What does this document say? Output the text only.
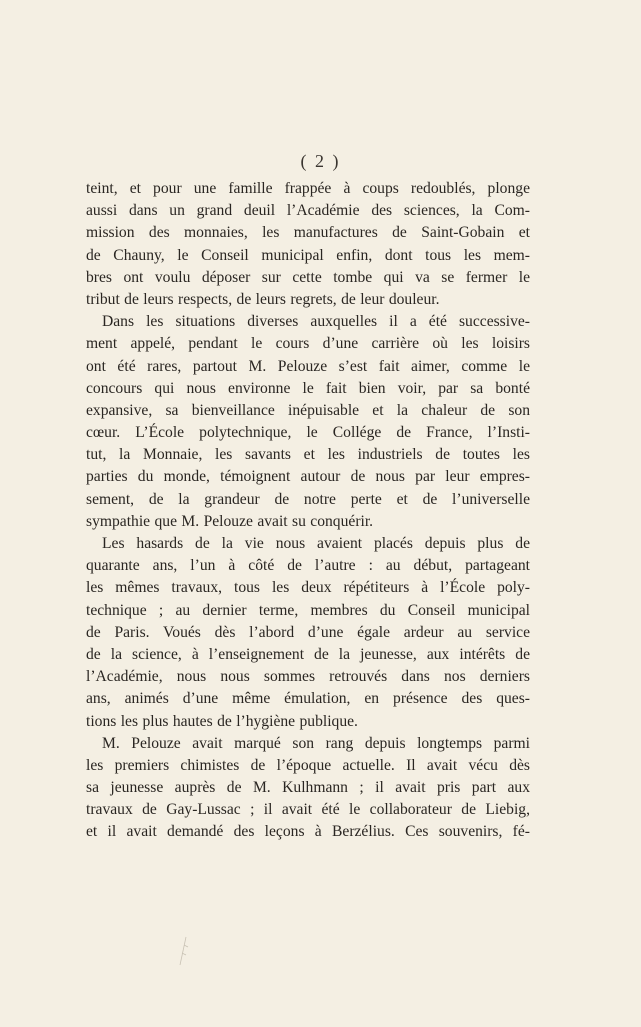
( 2 )
teint, et pour une famille frappée à coups redoublés, plonge
aussi dans un grand deuil l’Académie des sciences, la Com-
mission des monnaies, les manufactures de Saint-Gobain et
de Chauny, le Conseil municipal enfin, dont tous les mem-
bres ont voulu déposer sur cette tombe qui va se fermer le
tribut de leurs respects, de leurs regrets, de leur douleur.
Dans les situations diverses auxquelles il a été successive-
ment appelé, pendant le cours d’une carrière où les loisirs
ont été rares, partout M. Pelouze s’est fait aimer, comme le
concours qui nous environne le fait bien voir, par sa bonté
expansive, sa bienveillance inépuisable et la chaleur de son
cœur. L’École polytechnique, le Collége de France, l’Insti-
tut, la Monnaie, les savants et les industriels de toutes les
parties du monde, témoignent autour de nous par leur empres-
sement, de la grandeur de notre perte et de l’universelle
sympathie que M. Pelouze avait su conquérir.
Les hasards de la vie nous avaient placés depuis plus de
quarante ans, l’un à côté de l’autre : au début, partageant
les mêmes travaux, tous les deux répétiteurs à l’École poly-
technique ; au dernier terme, membres du Conseil municipal
de Paris. Voués dès l’abord d’une égale ardeur au service
de la science, à l’enseignement de la jeunesse, aux intérêts de
l’Académie, nous nous sommes retrouvés dans nos derniers
ans, animés d’une même émulation, en présence des ques-
tions les plus hautes de l’hygiène publique.
M. Pelouze avait marqué son rang depuis longtemps parmi
les premiers chimistes de l’époque actuelle. Il avait vécu dès
sa jeunesse auprès de M. Kulhmann ; il avait pris part aux
travaux de Gay-Lussac ; il avait été le collaborateur de Liebig,
et il avait demandé des leçons à Berzélius. Ces souvenirs, fé-
